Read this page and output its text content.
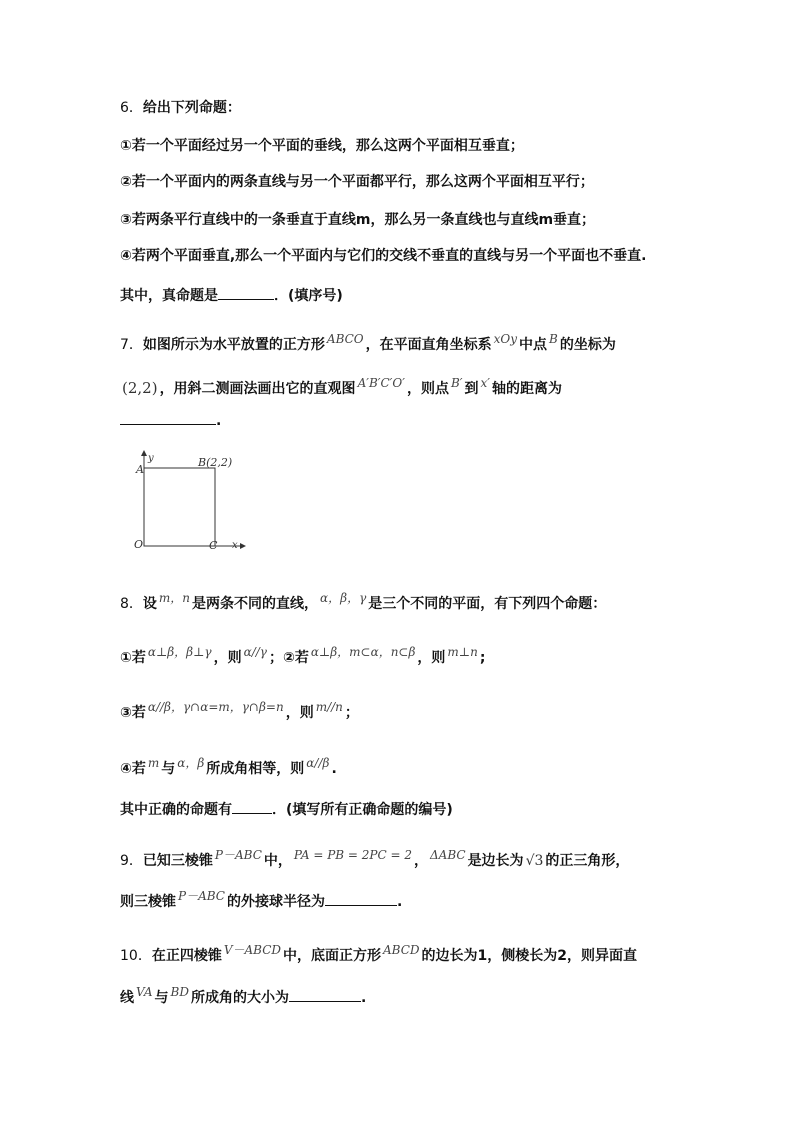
6．给出下列命题：
①若一个平面经过另一个平面的垂线，那么这两个平面相互垂直；
②若一个平面内的两条直线与另一个平面都平行，那么这两个平面相互平行；
③若两条平行直线中的一条垂直于直线m，那么另一条直线也与直线m垂直；
④若两个平面垂直,那么一个平面内与它们的交线不垂直的直线与另一个平面也不垂直.
其中，真命题是	．(填序号)
7．如图所示为水平放置的正方形 ABCO ，在平面直角坐标系 xOy 中点 B 的坐标为
(2,2) ，用斜二测画法画出它的直观图 A′B′C′O′ ，则点 B′ 到 x′ 轴的距离为
.
y
A
B(2,2)
O	C x
8．设 m，n 是两条不同的直线， α，β，γ 是三个不同的平面，有下列四个命题：
①若 α⊥β，β⊥γ ，则 α//γ ；②若 α⊥β，m⊂α，n⊂β ，则 m⊥n ;
③若 α//β，γ∩α=m，γ∩β=n ，则 m//n ；
④若 m 与 α，β 所成角相等，则 α//β .
其中正确的命题有	．(填写所有正确命题的编号)
9．已知三棱锥 P－ABC 中， PA = PB = 2PC = 2 ， ΔABC 是边长为 √3 的正三角形，
则三棱锥 P－ABC 的外接球半径为	.
10．在正四棱锥 V－ABCD 中，底面正方形 ABCD 的边长为1，侧棱长为2，则异面直
线 VA 与 BD 所成角的大小为	.
